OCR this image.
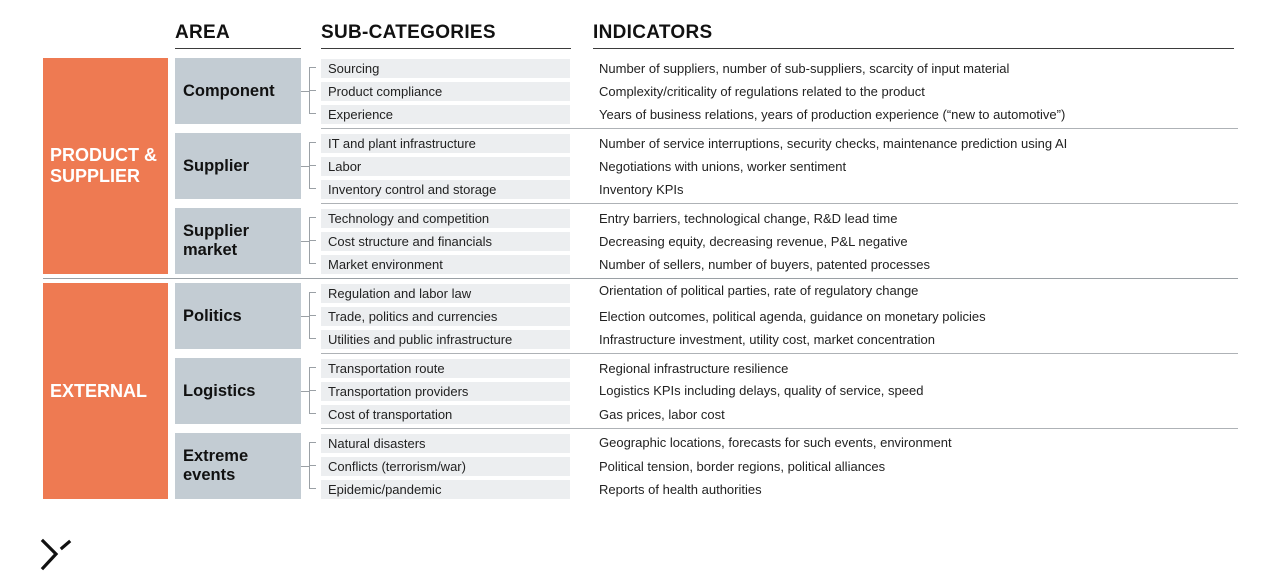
AREA	SUB-CATEGORIES	INDICATORS
PRODUCT & SUPPLIER
EXTERNAL
Component
Supplier
Supplier market
Politics
Logistics
Extreme events
Sourcing
Product compliance
Experience
IT and plant infrastructure
Labor
Inventory control and storage
Technology and competition
Cost structure and financials
Market environment
Regulation and labor law
Trade, politics and currencies
Utilities and public infrastructure
Transportation route
Transportation providers
Cost of transportation
Natural disasters
Conflicts (terrorism/war)
Epidemic/pandemic
Number of suppliers, number of sub-suppliers, scarcity of input material
Complexity/criticality of regulations related to the product
Years of business relations, years of production experience (“new to automotive”)
Number of service interruptions, security checks, maintenance prediction using AI
Negotiations with unions, worker sentiment
Inventory KPIs
Entry barriers, technological change, R&D lead time
Decreasing equity, decreasing revenue, P&L negative
Number of sellers, number of buyers, patented processes
Orientation of political parties, rate of regulatory change
Election outcomes, political agenda, guidance on monetary policies
Infrastructure investment, utility cost, market concentration
Regional infrastructure resilience
Logistics KPIs including delays, quality of service, speed
Gas prices, labor cost
Geographic locations, forecasts for such events, environment
Political tension, border regions, political alliances
Reports of health authorities
